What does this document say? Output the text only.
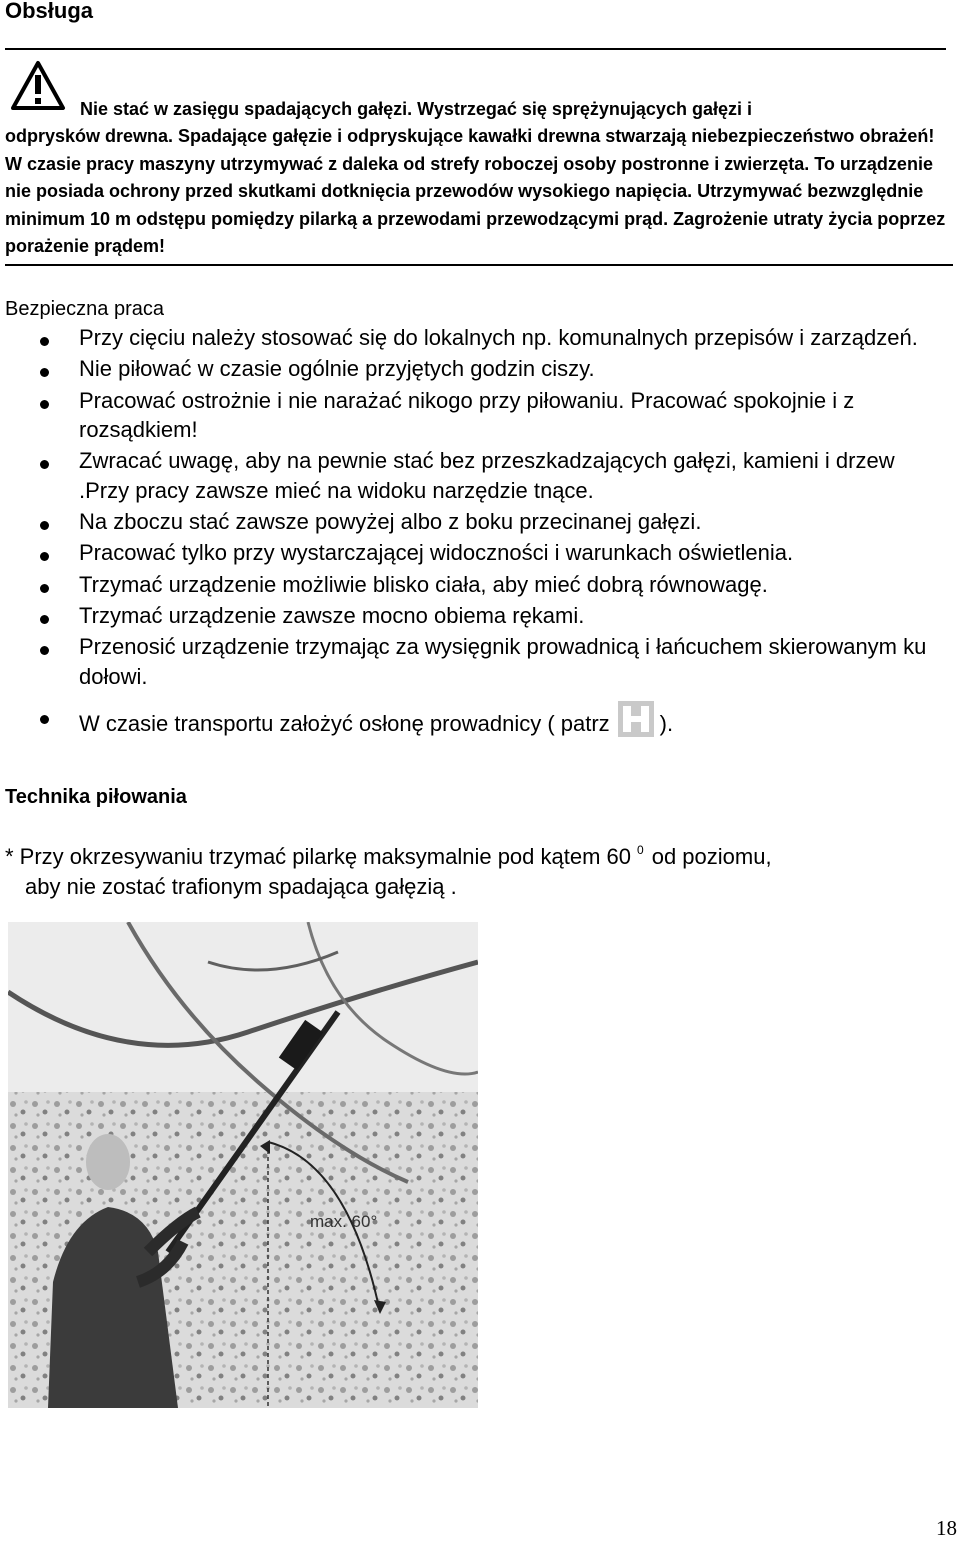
Obsługa

Nie stać w zasięgu spadających gałęzi. Wystrzegać się sprężynujących gałęzi i
odprysków drewna. Spadające gałęzie i odpryskujące kawałki drewna stwarzają niebezpieczeństwo obrażeń! W czasie pracy maszyny utrzymywać z daleka od strefy roboczej osoby postronne i zwierzęta. To urządzenie nie posiada ochrony przed skutkami dotknięcia przewodów wysokiego napięcia. Utrzymywać bezwzględnie minimum 10 m odstępu pomiędzy pilarką a przewodami przewodzącymi prąd. Zagrożenie utraty życia poprzez porażenie prądem!

Bezpieczna praca
Przy cięciu należy stosować się do lokalnych np. komunalnych przepisów i zarządzeń.
Nie piłować w czasie ogólnie przyjętych godzin ciszy.
Pracować ostrożnie i nie narażać nikogo przy piłowaniu. Pracować spokojnie i z rozsądkiem!
Zwracać uwagę, aby na pewnie stać bez przeszkadzających gałęzi, kamieni i drzew .Przy pracy zawsze mieć na widoku narzędzie tnące.
Na zboczu stać zawsze powyżej albo z boku przecinanej gałęzi.
Pracować tylko przy wystarczającej widoczności i warunkach oświetlenia.
Trzymać urządzenie możliwie blisko ciała, aby mieć dobrą równowagę.
Trzymać urządzenie zawsze mocno obiema rękami.
Przenosić urządzenie trzymając za wysięgnik prowadnicą i łańcuchem skierowanym ku dołowi.
W czasie transportu założyć osłonę prowadnicy ( patrz ).
Technika piłowania
* Przy okrzesywaniu trzymać pilarkę maksymalnie pod kątem 60 $^0$ od poziomu,
aby nie zostać trafionym spadająca gałęzią .
max. 60°
18
